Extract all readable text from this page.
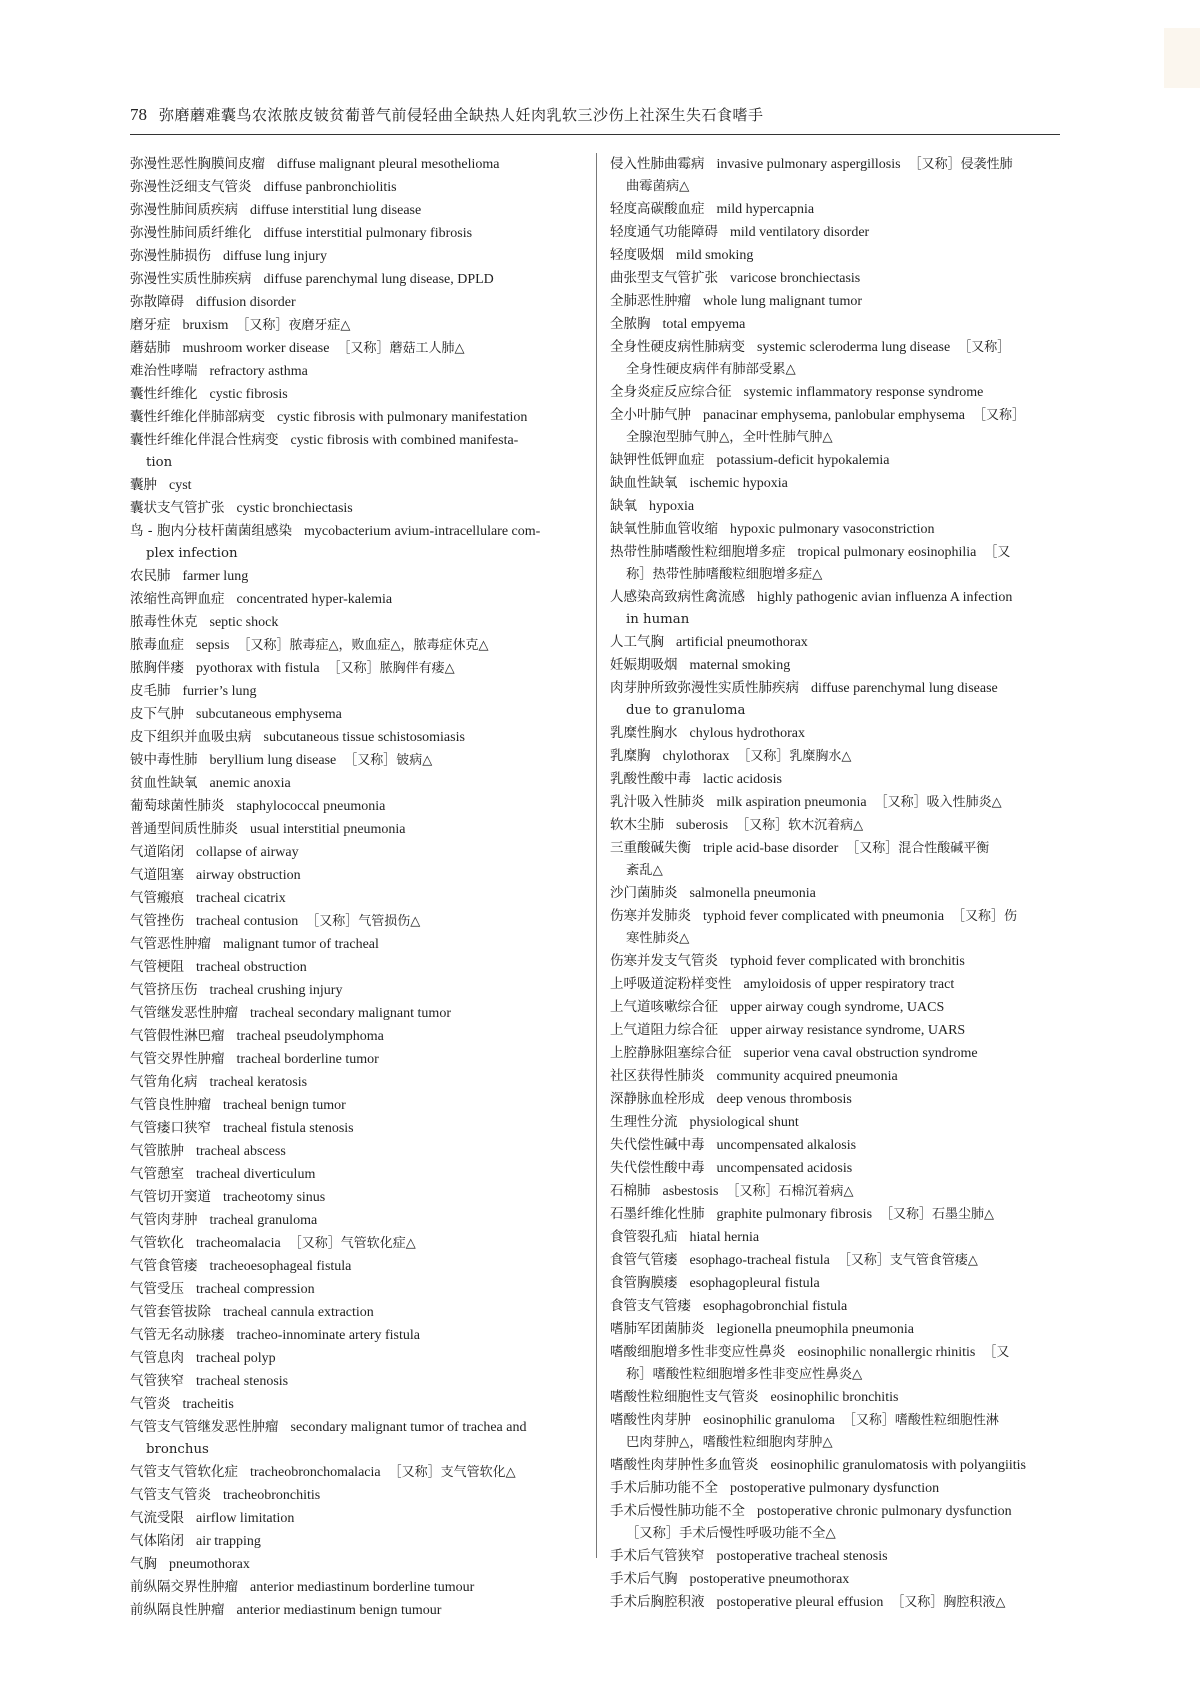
78 弥磨蘑难囊鸟农浓脓皮铍贫葡普气前侵轻曲全缺热人妊肉乳软三沙伤上社深生失石食嗜手
弥漫性恶性胸膜间皮瘤 diffuse malignant pleural mesothelioma
弥漫性泛细支气管炎 diffuse panbronchiolitis
弥漫性肺间质疾病 diffuse interstitial lung disease
弥漫性肺间质纤维化 diffuse interstitial pulmonary fibrosis
弥漫性肺损伤 diffuse lung injury
弥漫性实质性肺疾病 diffuse parenchymal lung disease, DPLD
弥散障碍 diffusion disorder
磨牙症 bruxism ［又称］夜磨牙症△
蘑菇肺 mushroom worker disease ［又称］蘑菇工人肺△
难治性哮喘 refractory asthma
囊性纤维化 cystic fibrosis
囊性纤维化伴肺部病变 cystic fibrosis with pulmonary manifestation
囊性纤维化伴混合性病变 cystic fibrosis with combined manifesta-
tion
囊肿 cyst
囊状支气管扩张 cystic bronchiectasis
鸟 - 胞内分枝杆菌菌组感染 mycobacterium avium-intracellulare com-
plex infection
农民肺 farmer lung
浓缩性高钾血症 concentrated hyper-kalemia
脓毒性休克 septic shock
脓毒血症 sepsis ［又称］脓毒症△，败血症△，脓毒症休克△
脓胸伴瘘 pyothorax with fistula ［又称］脓胸伴有瘘△
皮毛肺 furrier’s lung
皮下气肿 subcutaneous emphysema
皮下组织并血吸虫病 subcutaneous tissue schistosomiasis
铍中毒性肺 beryllium lung disease ［又称］铍病△
贫血性缺氧 anemic anoxia
葡萄球菌性肺炎 staphylococcal pneumonia
普通型间质性肺炎 usual interstitial pneumonia
气道陷闭 collapse of airway
气道阻塞 airway obstruction
气管瘢痕 tracheal cicatrix
气管挫伤 tracheal contusion ［又称］气管损伤△
气管恶性肿瘤 malignant tumor of tracheal
气管梗阻 tracheal obstruction
气管挤压伤 tracheal crushing injury
气管继发恶性肿瘤 tracheal secondary malignant tumor
气管假性淋巴瘤 tracheal pseudolymphoma
气管交界性肿瘤 tracheal borderline tumor
气管角化病 tracheal keratosis
气管良性肿瘤 tracheal benign tumor
气管瘘口狭窄 tracheal fistula stenosis
气管脓肿 tracheal abscess
气管憩室 tracheal diverticulum
气管切开窦道 tracheotomy sinus
气管肉芽肿 tracheal granuloma
气管软化 tracheomalacia ［又称］气管软化症△
气管食管瘘 tracheoesophageal fistula
气管受压 tracheal compression
气管套管拔除 tracheal cannula extraction
气管无名动脉瘘 tracheo-innominate artery fistula
气管息肉 tracheal polyp
气管狭窄 tracheal stenosis
气管炎 tracheitis
气管支气管继发恶性肿瘤 secondary malignant tumor of trachea and
bronchus
气管支气管软化症 tracheobronchomalacia ［又称］支气管软化△
气管支气管炎 tracheobronchitis
气流受限 airflow limitation
气体陷闭 air trapping
气胸 pneumothorax
前纵隔交界性肿瘤 anterior mediastinum borderline tumour
前纵隔良性肿瘤 anterior mediastinum benign tumour
侵入性肺曲霉病 invasive pulmonary aspergillosis ［又称］侵袭性肺
曲霉菌病△
轻度高碳酸血症 mild hypercapnia
轻度通气功能障碍 mild ventilatory disorder
轻度吸烟 mild smoking
曲张型支气管扩张 varicose bronchiectasis
全肺恶性肿瘤 whole lung malignant tumor
全脓胸 total empyema
全身性硬皮病性肺病变 systemic scleroderma lung disease ［又称］
全身性硬皮病伴有肺部受累△
全身炎症反应综合征 systemic inflammatory response syndrome
全小叶肺气肿 panacinar emphysema, panlobular emphysema ［又称］
全腺泡型肺气肿△，全叶性肺气肿△
缺钾性低钾血症 potassium-deficit hypokalemia
缺血性缺氧 ischemic hypoxia
缺氧 hypoxia
缺氧性肺血管收缩 hypoxic pulmonary vasoconstriction
热带性肺嗜酸性粒细胞增多症 tropical pulmonary eosinophilia ［又
称］热带性肺嗜酸粒细胞增多症△
人感染高致病性禽流感 highly pathogenic avian influenza A infection
in human
人工气胸 artificial pneumothorax
妊娠期吸烟 maternal smoking
肉芽肿所致弥漫性实质性肺疾病 diffuse parenchymal lung disease
due to granuloma
乳糜性胸水 chylous hydrothorax
乳糜胸 chylothorax ［又称］乳糜胸水△
乳酸性酸中毒 lactic acidosis
乳汁吸入性肺炎 milk aspiration pneumonia ［又称］吸入性肺炎△
软木尘肺 suberosis ［又称］软木沉着病△
三重酸碱失衡 triple acid-base disorder ［又称］混合性酸碱平衡
紊乱△
沙门菌肺炎 salmonella pneumonia
伤寒并发肺炎 typhoid fever complicated with pneumonia ［又称］伤
寒性肺炎△
伤寒并发支气管炎 typhoid fever complicated with bronchitis
上呼吸道淀粉样变性 amyloidosis of upper respiratory tract
上气道咳嗽综合征 upper airway cough syndrome, UACS
上气道阻力综合征 upper airway resistance syndrome, UARS
上腔静脉阻塞综合征 superior vena caval obstruction syndrome
社区获得性肺炎 community acquired pneumonia
深静脉血栓形成 deep venous thrombosis
生理性分流 physiological shunt
失代偿性碱中毒 uncompensated alkalosis
失代偿性酸中毒 uncompensated acidosis
石棉肺 asbestosis ［又称］石棉沉着病△
石墨纤维化性肺 graphite pulmonary fibrosis ［又称］石墨尘肺△
食管裂孔疝 hiatal hernia
食管气管瘘 esophago-tracheal fistula ［又称］支气管食管瘘△
食管胸膜瘘 esophagopleural fistula
食管支气管瘘 esophagobronchial fistula
嗜肺军团菌肺炎 legionella pneumophila pneumonia
嗜酸细胞增多性非变应性鼻炎 eosinophilic nonallergic rhinitis ［又
称］嗜酸性粒细胞增多性非变应性鼻炎△
嗜酸性粒细胞性支气管炎 eosinophilic bronchitis
嗜酸性肉芽肿 eosinophilic granuloma ［又称］嗜酸性粒细胞性淋
巴肉芽肿△，嗜酸性粒细胞肉芽肿△
嗜酸性肉芽肿性多血管炎 eosinophilic granulomatosis with polyangiitis
手术后肺功能不全 postoperative pulmonary dysfunction
手术后慢性肺功能不全 postoperative chronic pulmonary dysfunction
［又称］手术后慢性呼吸功能不全△
手术后气管狭窄 postoperative tracheal stenosis
手术后气胸 postoperative pneumothorax
手术后胸腔积液 postoperative pleural effusion ［又称］胸腔积液△
